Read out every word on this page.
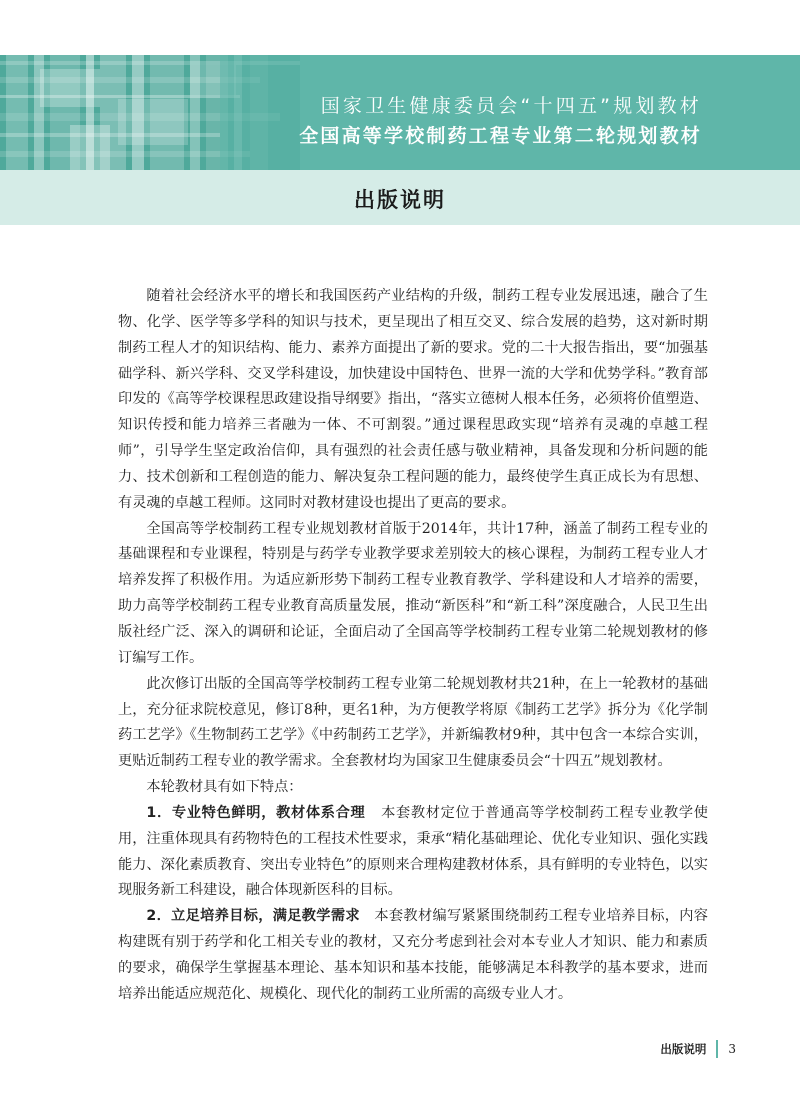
国家卫生健康委员会“十四五”规划教材
全国高等学校制药工程专业第二轮规划教材
出版说明

随着社会经济水平的增长和我国医药产业结构的升级，制药工程专业发展迅速，融合了生物、化学、医学等多学科的知识与技术，更呈现出了相互交叉、综合发展的趋势，这对新时期制药工程人才的知识结构、能力、素养方面提出了新的要求。党的二十大报告指出，要“加强基础学科、新兴学科、交叉学科建设，加快建设中国特色、世界一流的大学和优势学科。”教育部印发的《高等学校课程思政建设指导纲要》指出，“落实立德树人根本任务，必须将价值塑造、知识传授和能力培养三者融为一体、不可割裂。”通过课程思政实现“培养有灵魂的卓越工程师”，引导学生坚定政治信仰，具有强烈的社会责任感与敬业精神，具备发现和分析问题的能力、技术创新和工程创造的能力、解决复杂工程问题的能力，最终使学生真正成长为有思想、有灵魂的卓越工程师。这同时对教材建设也提出了更高的要求。

全国高等学校制药工程专业规划教材首版于2014年，共计17种，涵盖了制药工程专业的基础课程和专业课程，特别是与药学专业教学要求差别较大的核心课程，为制药工程专业人才培养发挥了积极作用。为适应新形势下制药工程专业教育教学、学科建设和人才培养的需要，助力高等学校制药工程专业教育高质量发展，推动“新医科”和“新工科”深度融合，人民卫生出版社经广泛、深入的调研和论证，全面启动了全国高等学校制药工程专业第二轮规划教材的修订编写工作。

此次修订出版的全国高等学校制药工程专业第二轮规划教材共21种，在上一轮教材的基础上，充分征求院校意见，修订8种，更名1种，为方便教学将原《制药工艺学》拆分为《化学制药工艺学》《生物制药工艺学》《中药制药工艺学》，并新编教材9种，其中包含一本综合实训，更贴近制药工程专业的教学需求。全套教材均为国家卫生健康委员会“十四五”规划教材。

本轮教材具有如下特点：

1．专业特色鲜明，教材体系合理 本套教材定位于普通高等学校制药工程专业教学使用，注重体现具有药物特色的工程技术性要求，秉承“精化基础理论、优化专业知识、强化实践能力、深化素质教育、突出专业特色”的原则来合理构建教材体系，具有鲜明的专业特色，以实现服务新工科建设，融合体现新医科的目标。

2．立足培养目标，满足教学需求 本套教材编写紧紧围绕制药工程专业培养目标，内容构建既有别于药学和化工相关专业的教材，又充分考虑到社会对本专业人才知识、能力和素质的要求，确保学生掌握基本理论、基本知识和基本技能，能够满足本科教学的基本要求，进而培养出能适应规范化、规模化、现代化的制药工业所需的高级专业人才。

出版说明 3
